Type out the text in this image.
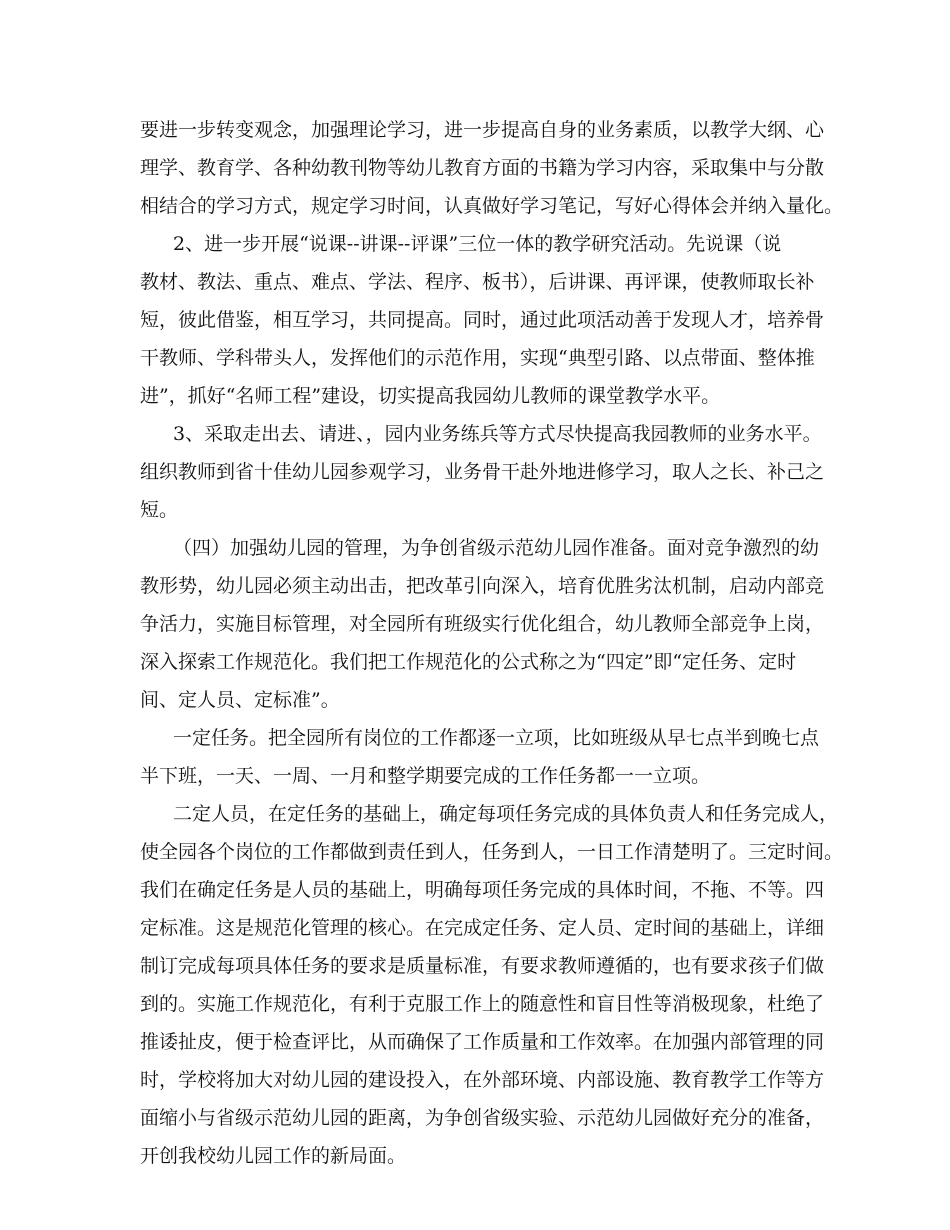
要进一步转变观念，加强理论学习，进一步提高自身的业务素质，以教学大纲、心
理学、教育学、各种幼教刊物等幼儿教育方面的书籍为学习内容，采取集中与分散
相结合的学习方式，规定学习时间，认真做好学习笔记，写好心得体会并纳入量化。
2、进一步开展“说课--讲课--评课”三位一体的教学研究活动。先说课（说
教材、教法、重点、难点、学法、程序、板书），后讲课、再评课，使教师取长补
短，彼此借鉴，相互学习，共同提高。同时，通过此项活动善于发现人才，培养骨
干教师、学科带头人，发挥他们的示范作用，实现“典型引路、以点带面、整体推
进”，抓好“名师工程”建设，切实提高我园幼儿教师的课堂教学水平。
3、采取走出去、请进、，园内业务练兵等方式尽快提高我园教师的业务水平。
组织教师到省十佳幼儿园参观学习，业务骨干赴外地进修学习，取人之长、补己之
短。
（四）加强幼儿园的管理，为争创省级示范幼儿园作准备。面对竞争激烈的幼
教形势，幼儿园必须主动出击，把改革引向深入，培育优胜劣汰机制，启动内部竞
争活力，实施目标管理，对全园所有班级实行优化组合，幼儿教师全部竞争上岗，
深入探索工作规范化。我们把工作规范化的公式称之为“四定”即“定任务、定时
间、定人员、定标准”。
一定任务。把全园所有岗位的工作都逐一立项，比如班级从早七点半到晚七点
半下班，一天、一周、一月和整学期要完成的工作任务都一一立项。
二定人员，在定任务的基础上，确定每项任务完成的具体负责人和任务完成人，
使全园各个岗位的工作都做到责任到人，任务到人，一日工作清楚明了。三定时间。
我们在确定任务是人员的基础上，明确每项任务完成的具体时间，不拖、不等。四
定标准。这是规范化管理的核心。在完成定任务、定人员、定时间的基础上，详细
制订完成每项具体任务的要求是质量标准，有要求教师遵循的，也有要求孩子们做
到的。实施工作规范化，有利于克服工作上的随意性和盲目性等消极现象，杜绝了
推诿扯皮，便于检查评比，从而确保了工作质量和工作效率。在加强内部管理的同
时，学校将加大对幼儿园的建设投入，在外部环境、内部设施、教育教学工作等方
面缩小与省级示范幼儿园的距离，为争创省级实验、示范幼儿园做好充分的准备，
开创我校幼儿园工作的新局面。
